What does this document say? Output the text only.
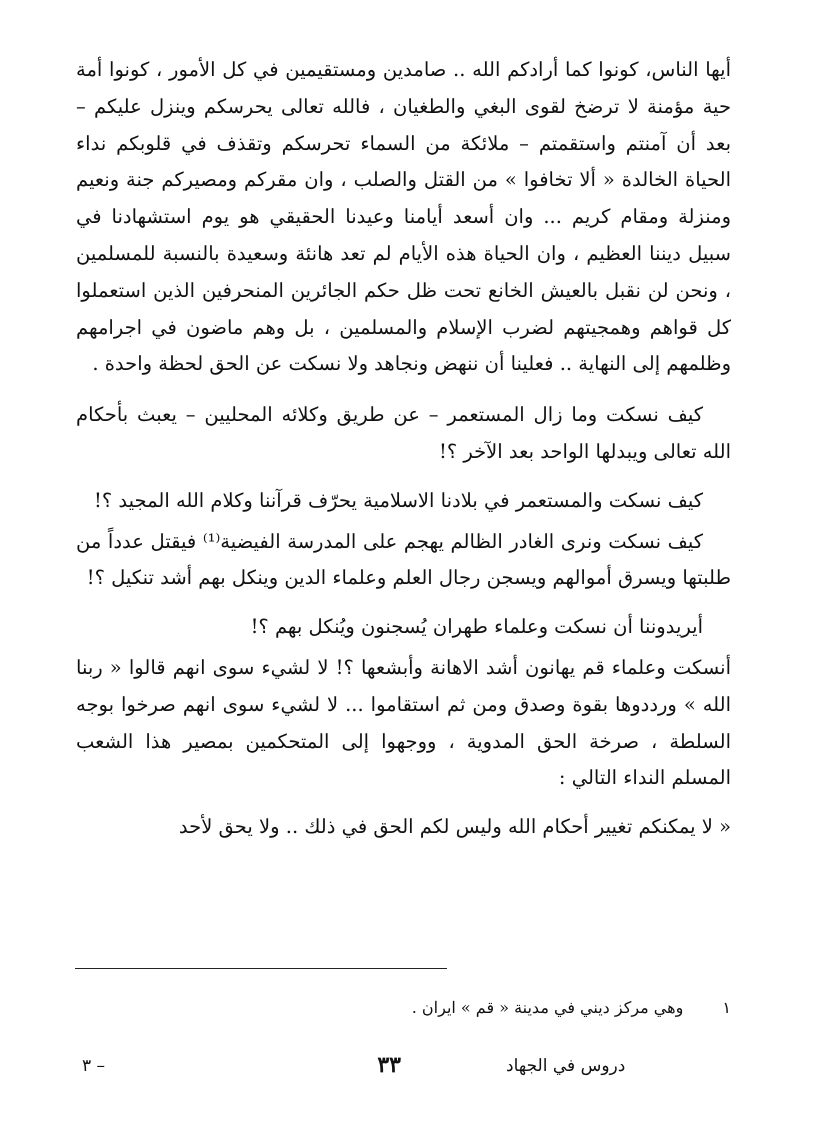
أيها الناس، كونوا كما أرادكم الله .. صامدين ومستقيمين في كل الأمور ، كونوا أمة حية مؤمنة لا ترضخ لقوى البغي والطغيان ، فالله تعالى يحرسكم وينزل عليكم – بعد أن آمنتم واستقمتم – ملائكة من السماء تحرسكم وتقذف في قلوبكم نداء الحياة الخالدة « ألا تخافوا » من القتل والصلب ، وان مقركم ومصيركم جنة ونعيم ومنزلة ومقام كريم ... وان أسعد أيامنا وعيدنا الحقيقي هو يوم استشهادنا في سبيل ديننا العظيم ، وان الحياة هذه الأيام لم تعد هانئة وسعيدة بالنسبة للمسلمين ، ونحن لن نقبل بالعيش الخانع تحت ظل حكم الجائرين المنحرفين الذين استعملوا كل قواهم وهمجيتهم لضرب الإسلام والمسلمين ، بل وهم ماضون في اجرامهم وظلمهم إلى النهاية .. فعلينا أن ننهض ونجاهد ولا نسكت عن الحق لحظة واحدة .

كيف نسكت وما زال المستعمر – عن طريق وكلائه المحليين – يعبث بأحكام الله تعالى ويبدلها الواحد بعد الآخر ؟!

كيف نسكت والمستعمر في بلادنا الاسلامية يحرّف قرآننا وكلام الله المجيد ؟!

كيف نسكت ونرى الغادر الظالم يهجم على المدرسة الفيضية⁽¹⁾ فيقتل عدداً من طلبتها ويسرق أموالهم ويسجن رجال العلم وعلماء الدين وينكل بهم أشد تنكيل ؟!

أيريدوننا أن نسكت وعلماء طهران يُسجنون ويُنكل بهم ؟!

أنسكت وعلماء قم يهانون أشد الاهانة وأبشعها ؟! لا لشيء سوى انهم قالوا « ربنا الله » ورددوها بقوة وصدق ومن ثم استقاموا ... لا لشيء سوى انهم صرخوا بوجه السلطة ، صرخة الحق المدوية ، ووجهوا إلى المتحكمين بمصير هذا الشعب المسلم النداء التالي :

« لا يمكنكم تغيير أحكام الله وليس لكم الحق في ذلك .. ولا يحق لأحد

١ وهي مركز ديني في مدينة « قم » ايران .
٣٣	دروس في الجهاد
– ٣
